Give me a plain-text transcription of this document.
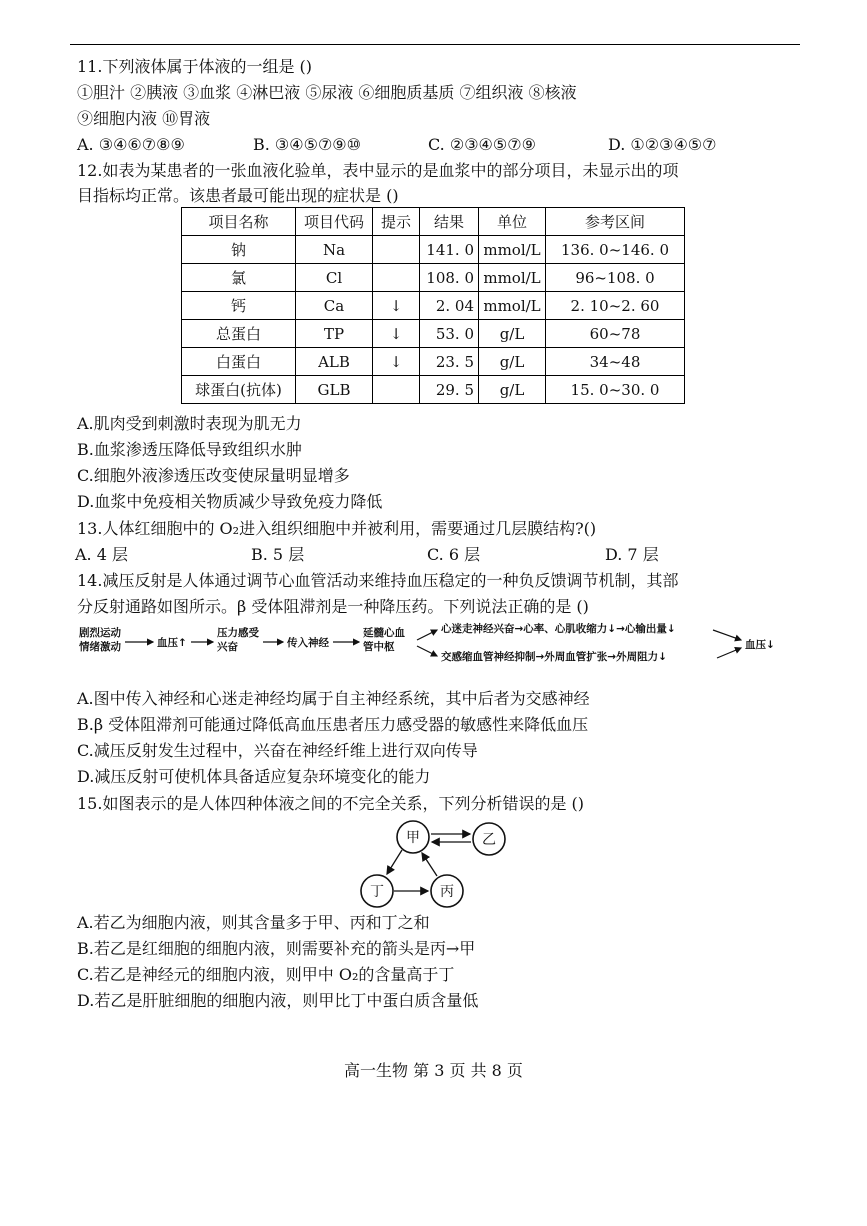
11.下列液体属于体液的一组是 ()
①胆汁 ②胰液 ③血浆 ④淋巴液 ⑤尿液 ⑥细胞质基质 ⑦组织液 ⑧核液
⑨细胞内液 ⑩胃液
A. ③④⑥⑦⑧⑨	B. ③④⑤⑦⑨⑩	C. ②③④⑤⑦⑨	D. ①②③④⑤⑦
12.如表为某患者的一张血液化验单，表中显示的是血浆中的部分项目，未显示出的项
目指标均正常。该患者最可能出现的症状是 ()
项目名称	项目代码	提示	结果	单位	参考区间
钠	Na		141. 0	mmol/L	136. 0~146. 0
氯	Cl		108. 0	mmol/L	96~108. 0
钙	Ca	↓	2. 04	mmol/L	2. 10~2. 60
总蛋白	TP	↓	53. 0	g/L	60~78
白蛋白	ALB	↓	23. 5	g/L	34~48
球蛋白(抗体)	GLB		29. 5	g/L	15. 0~30. 0
A.肌肉受到刺激时表现为肌无力
B.血浆渗透压降低导致组织水肿
C.细胞外液渗透压改变使尿量明显增多
D.血浆中免疫相关物质减少导致免疫力降低
13.人体红细胞中的 O₂进入组织细胞中并被利用，需要通过几层膜结构?()
A. 4 层	B. 5 层	C. 6 层	D. 7 层
14.减压反射是人体通过调节心血管活动来维持血压稳定的一种负反馈调节机制，其部
分反射通路如图所示。β 受体阻滞剂是一种降压药。下列说法正确的是 ()
剧烈运动
情绪激动	血压↑
压力感受
兴奋	传入神经
延髓心血
管中枢
心迷走神经兴奋→心率、心肌收缩力↓→心输出量↓
交感缩血管神经抑制→外周血管扩张→外周阻力↓
血压↓
A.图中传入神经和心迷走神经均属于自主神经系统，其中后者为交感神经
B.β 受体阻滞剂可能通过降低高血压患者压力感受器的敏感性来降低血压
C.减压反射发生过程中，兴奋在神经纤维上进行双向传导
D.减压反射可使机体具备适应复杂环境变化的能力
15.如图表示的是人体四种体液之间的不完全关系，下列分析错误的是 ()
甲	乙
丁	丙
A.若乙为细胞内液，则其含量多于甲、丙和丁之和
B.若乙是红细胞的细胞内液，则需要补充的箭头是丙→甲
C.若乙是神经元的细胞内液，则甲中 O₂的含量高于丁
D.若乙是肝脏细胞的细胞内液，则甲比丁中蛋白质含量低
高一生物 第 3 页 共 8 页
